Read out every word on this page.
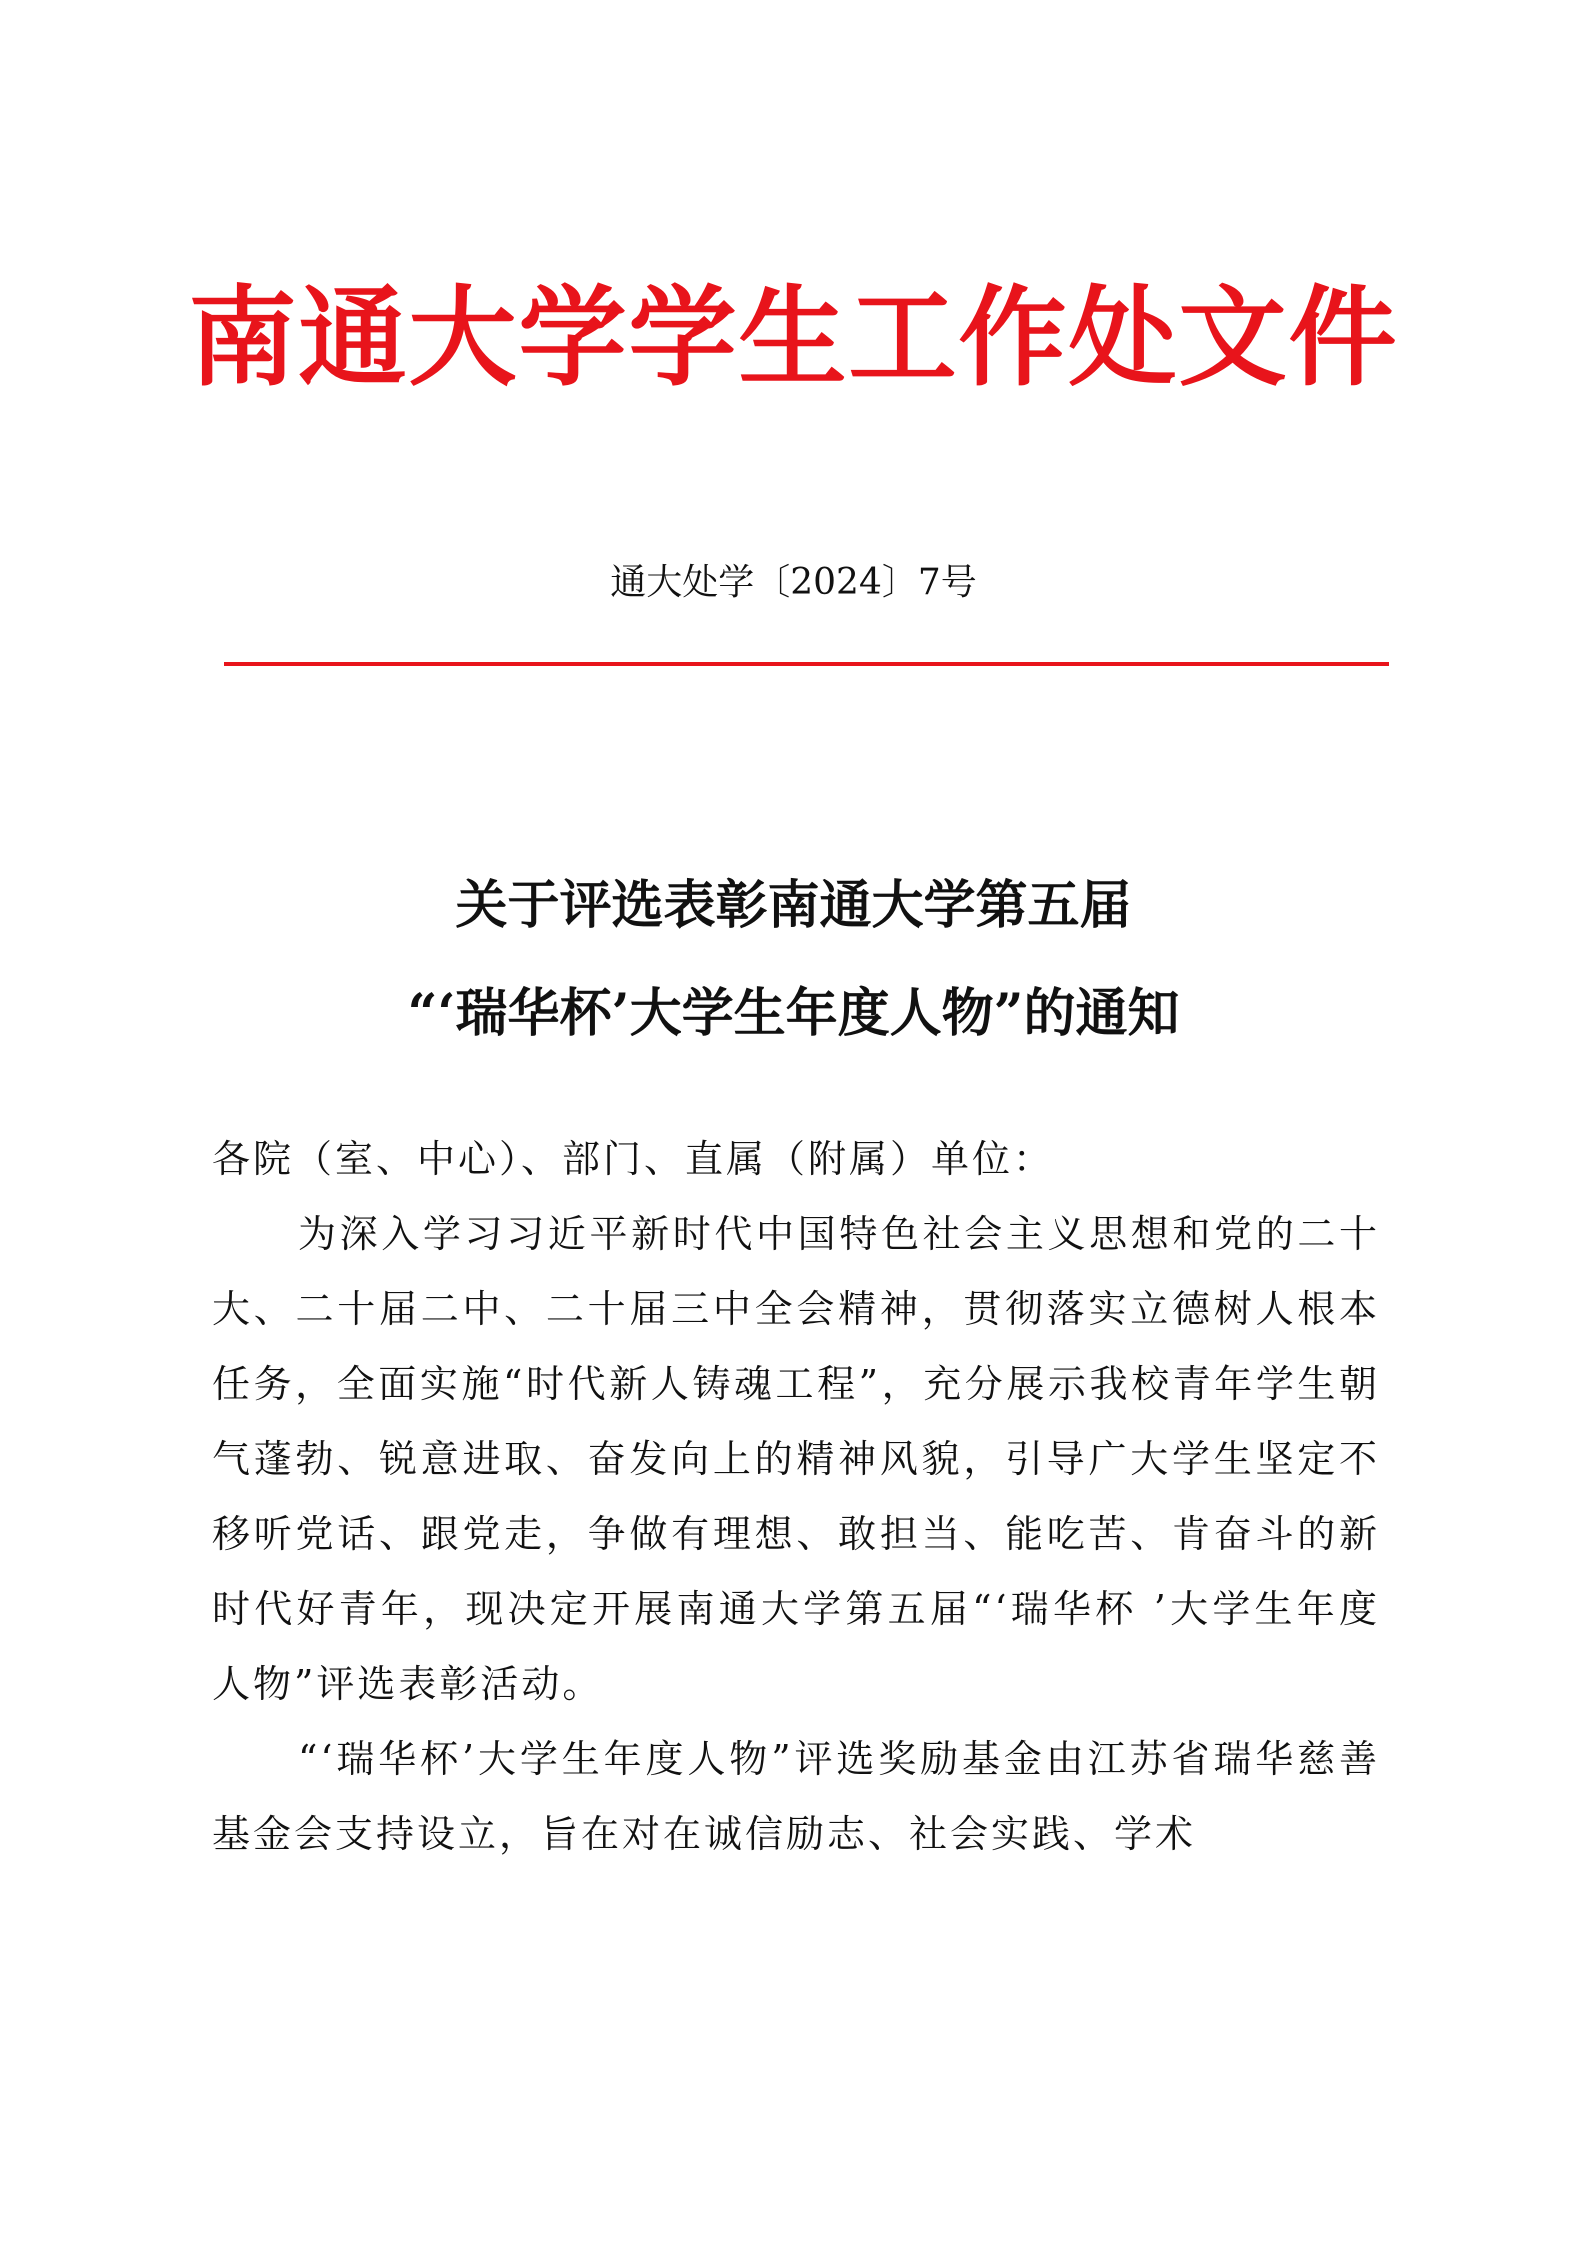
南通大学学生工作处文件
通大处学〔2024〕7号
关于评选表彰南通大学第五届
“‘瑞华杯’大学生年度人物”的通知

各院（室、中心）、部门、直属（附属）单位：

为深入学习习近平新时代中国特色社会主义思想和党的二十大、二十届二中、二十届三中全会精神，贯彻落实立德树人根本任务，全面实施“时代新人铸魂工程”，充分展示我校青年学生朝气蓬勃、锐意进取、奋发向上的精神风貌，引导广大学生坚定不移听党话、跟党走，争做有理想、敢担当、能吃苦、肯奋斗的新时代好青年，现决定开展南通大学第五届“‘瑞华杯 ’大学生年度人物”评选表彰活动。

“‘瑞华杯’大学生年度人物”评选奖励基金由江苏省瑞华慈善基金会支持设立，旨在对在诚信励志、社会实践、学术
